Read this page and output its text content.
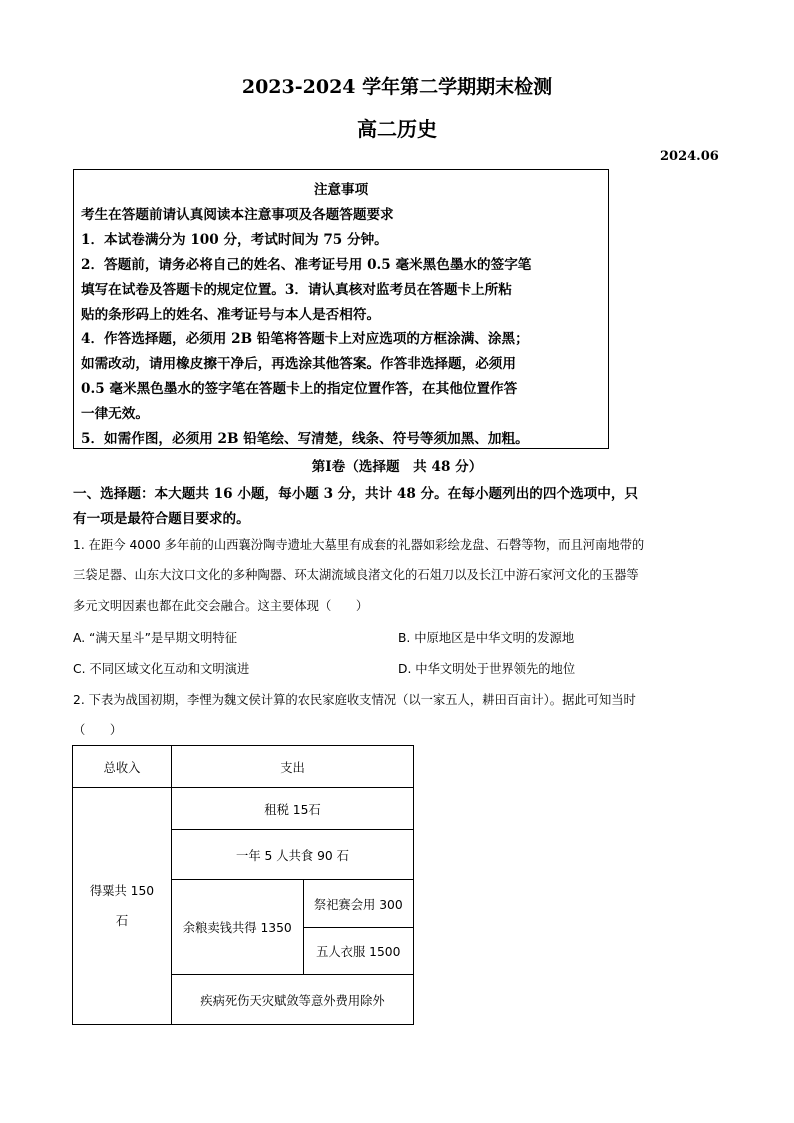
2023-2024 学年第二学期期末检测
高二历史
2024.06
注意事项
考生在答题前请认真阅读本注意事项及各题答题要求
1．本试卷满分为 100 分，考试时间为 75 分钟。
2．答题前，请务必将自己的姓名、准考证号用 0.5 毫米黑色墨水的签字笔
填写在试卷及答题卡的规定位置。3．请认真核对监考员在答题卡上所粘
贴的条形码上的姓名、准考证号与本人是否相符。
4．作答选择题，必须用 2B 铅笔将答题卡上对应选项的方框涂满、涂黑；
如需改动，请用橡皮擦干净后，再选涂其他答案。作答非选择题，必须用
0.5 毫米黑色墨水的签字笔在答题卡上的指定位置作答，在其他位置作答
一律无效。
5．如需作图，必须用 2B 铅笔绘、写清楚，线条、符号等须加黑、加粗。
第Ⅰ卷（选择题　共 48 分）
一、选择题：本大题共 16 小题，每小题 3 分，共计 48 分。在每小题列出的四个选项中，只
有一项是最符合题目要求的。
1. 在距今 4000 多年前的山西襄汾陶寺遗址大墓里有成套的礼器如彩绘龙盘、石磬等物，而且河南地带的
三袋足器、山东大汶口文化的多种陶器、环太湖流域良渚文化的石俎刀以及长江中游石家河文化的玉器等
多元文明因素也都在此交会融合。这主要体现（　　）
A. “满天星斗”是早期文明特征	B. 中原地区是中华文明的发源地
C. 不同区域文化互动和文明演进	D. 中华文明处于世界领先的地位
2. 下表为战国初期，李悝为魏文侯计算的农民家庭收支情况（以一家五人，耕田百亩计）。据此可知当时
（　　）
总收入	支出	

得粟共 150
石	租税 15石	
	一年 5 人共食 90 石	
	余粮卖钱共得 1350	祭祀赛会用 300
		五人衣服 1500
	疾病死伤天灾赋敛等意外费用除外	
